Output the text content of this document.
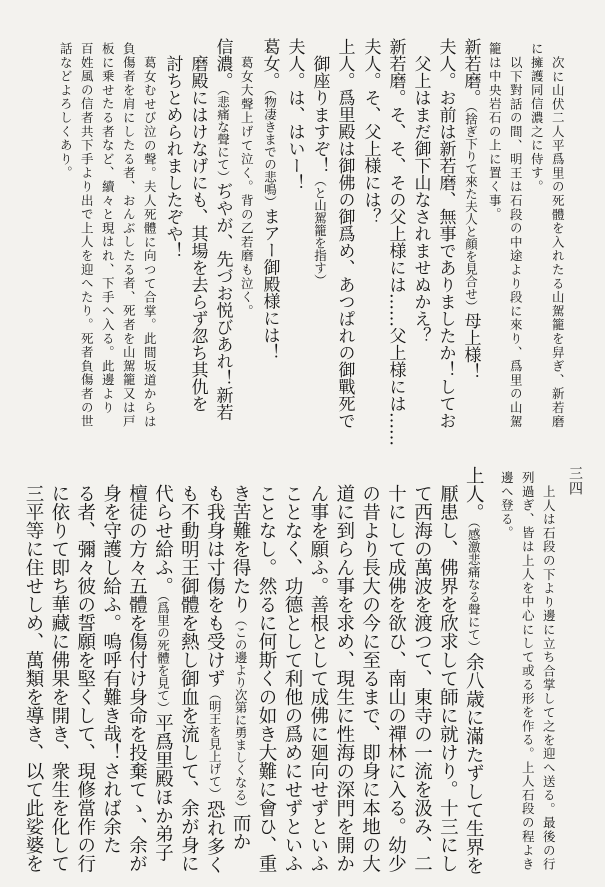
次に山伏二人平爲里の死體を入れたる山駕籠を舁ぎ、新若磨
に擁護同信濃之に侍す。
以下對話の間、明王は石段の中途より段に來り、爲里の山駕
籠は中央岩石の上に置く事。
新若磨。（捨ぎ下りて來た夫人と顔を見合せ）母上様！
夫人。お前は新若磨、無事でありましたか！してお
父上はまだ御下山なされませぬかえ？
新若磨。そ、そ、その父上様には……父上様には……
夫人。そ、父上様には？
上人。爲里殿は御佛の御爲め、あつぱれの御戰死で
御座りますぞ！（と山駕籠を指す）
夫人。は、はいー！
葛女。（物凄きまでの悲鳴）まアー御殿様には！
葛女大聲上げて泣く。背の乙若磨も泣く。
信濃。（悲痛な聲にて）ぢやが、先づお悦びあれ！新若
磨殿にはけなげにも、其場を去らず忽ち其仇を
討ちとめられましたぞや！
葛女むせび泣の聲。夫人死體に向つて合掌。此間坂道からは
負傷者を肩にしたる者、おんぶしたる者、死者を山駕籠又は戸
板に乗せたる者など、續々と現はれ、下手へ入る。此邊より
百姓風の信者共下手より出で上人を迎へたり。死者負傷者の世
話などよろしくあり。
三四
上人は石段の下より邊に立ち合掌して之を迎へ送る。最後の行
列過ぎ、皆は上人を中心にして或る形を作る。上人石段の程よき
邊へ登る。
上人。（感激悲痛なる聲にて）余八歳に滿たずして生界を
厭患し、佛界を欣求して師に就けり。十三にし
て西海の萬波を渡つて、東寺の一流を汲み、二
十にして成佛を欲ひ、南山の禪林に入る。幼少
の昔より長大の今に至るまで、即身に本地の大
道に到らん事を求め、現生に性海の深門を開か
ん事を願ふ。善根として成佛に廻向せずといふ
ことなく、功德として利他の爲めにせずといふ
ことなし。然るに何斯くの如き大難に會ひ、重
き苦難を得たり（この邊より次第に勇ましくなる）而か
も我身は寸傷をも受けず（明王を見上げて）恐れ多く
も不動明王御體を熱し御血を流して、余が身に
代らせ給ふ。（爲里の死體を見て）平爲里殿ほか弟子
檀徒の方々五體を傷付け身命を投棄てゝ、余が
身を守護し給ふ。嗚呼有難き哉！されば余た
る者、彌々彼の誓願を堅くして、現修當作の行
に依りて即ち華藏に佛果を開き、衆生を化して
三平等に住せしめ、萬類を導き、以て此娑婆を
